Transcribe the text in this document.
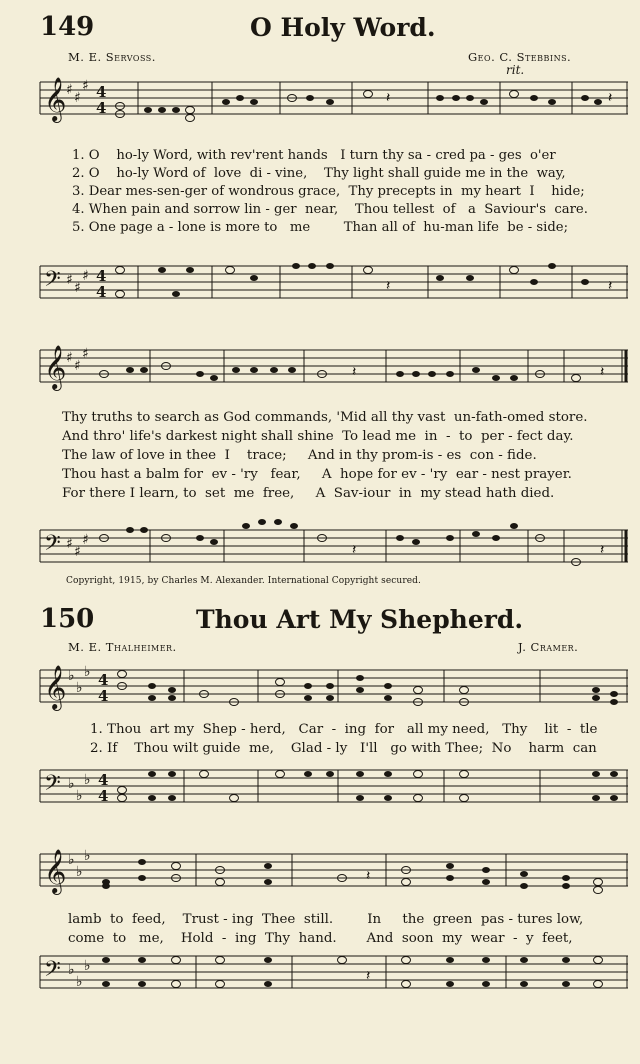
149	O Holy Word.
M. E. Servoss.	Geo. C. Stebbins.
rit.
𝄞 ♯ ♯
♯ 4
4
𝄽	𝄽
1. O    ho-ly Word, with rev'rent hands   I turn thy sa - cred pa - ges  o'er
2. O    ho-ly Word of  love  di - vine,    Thy light shall guide me in the  way,
3. Dear mes-sen-ger of wondrous grace,  Thy precepts in  my heart  I    hide;
4. When pain and sorrow lin - ger  near,    Thou tellest  of   a  Saviour's  care.
5. One page a - lone is more to   me        Than all of  hu-man life  be - side;
𝄢 ♯ ♯
♯ 4
4	𝄽	𝄽
𝄞 ♯ ♯
♯
𝄽	𝄽
Thy truths to search as God commands, 'Mid all thy vast  un-fath-omed store.
And thro' life's darkest night shall shine  To lead me  in  -  to  per - fect day.
The law of love in thee  I    trace;     And in thy prom-is - es  con - fide.
Thou hast a balm for  ev - 'ry   fear,     A  hope for ev - 'ry  ear - nest prayer.
For there I learn, to  set  me  free,     A  Sav-iour  in  my stead hath died.
𝄢 ♯ ♯
♯
𝄽	𝄽
Copyright, 1915, by Charles M. Alexander. International Copyright secured.
150	Thou Art My Shepherd.
M. E. Thalheimer.	J. Cramer.
𝄞 ♭
♭
♭ 4
4
1. Thou  art my  Shep - herd,   Car  -  ing  for   all my need,   Thy    lit  -  tle
2. If    Thou wilt guide  me,    Glad - ly   I'll   go with Thee;  No    harm  can
𝄢 ♭
♭
♭ 4
4
𝄞 ♭
♭
♭
𝄽
lamb  to  feed,    Trust - ing  Thee  still.        In     the  green  pas - tures low,
come  to   me,    Hold  -  ing  Thy  hand.       And  soon  my  wear  -  y  feet,
𝄢 ♭
♭
♭
𝄽
